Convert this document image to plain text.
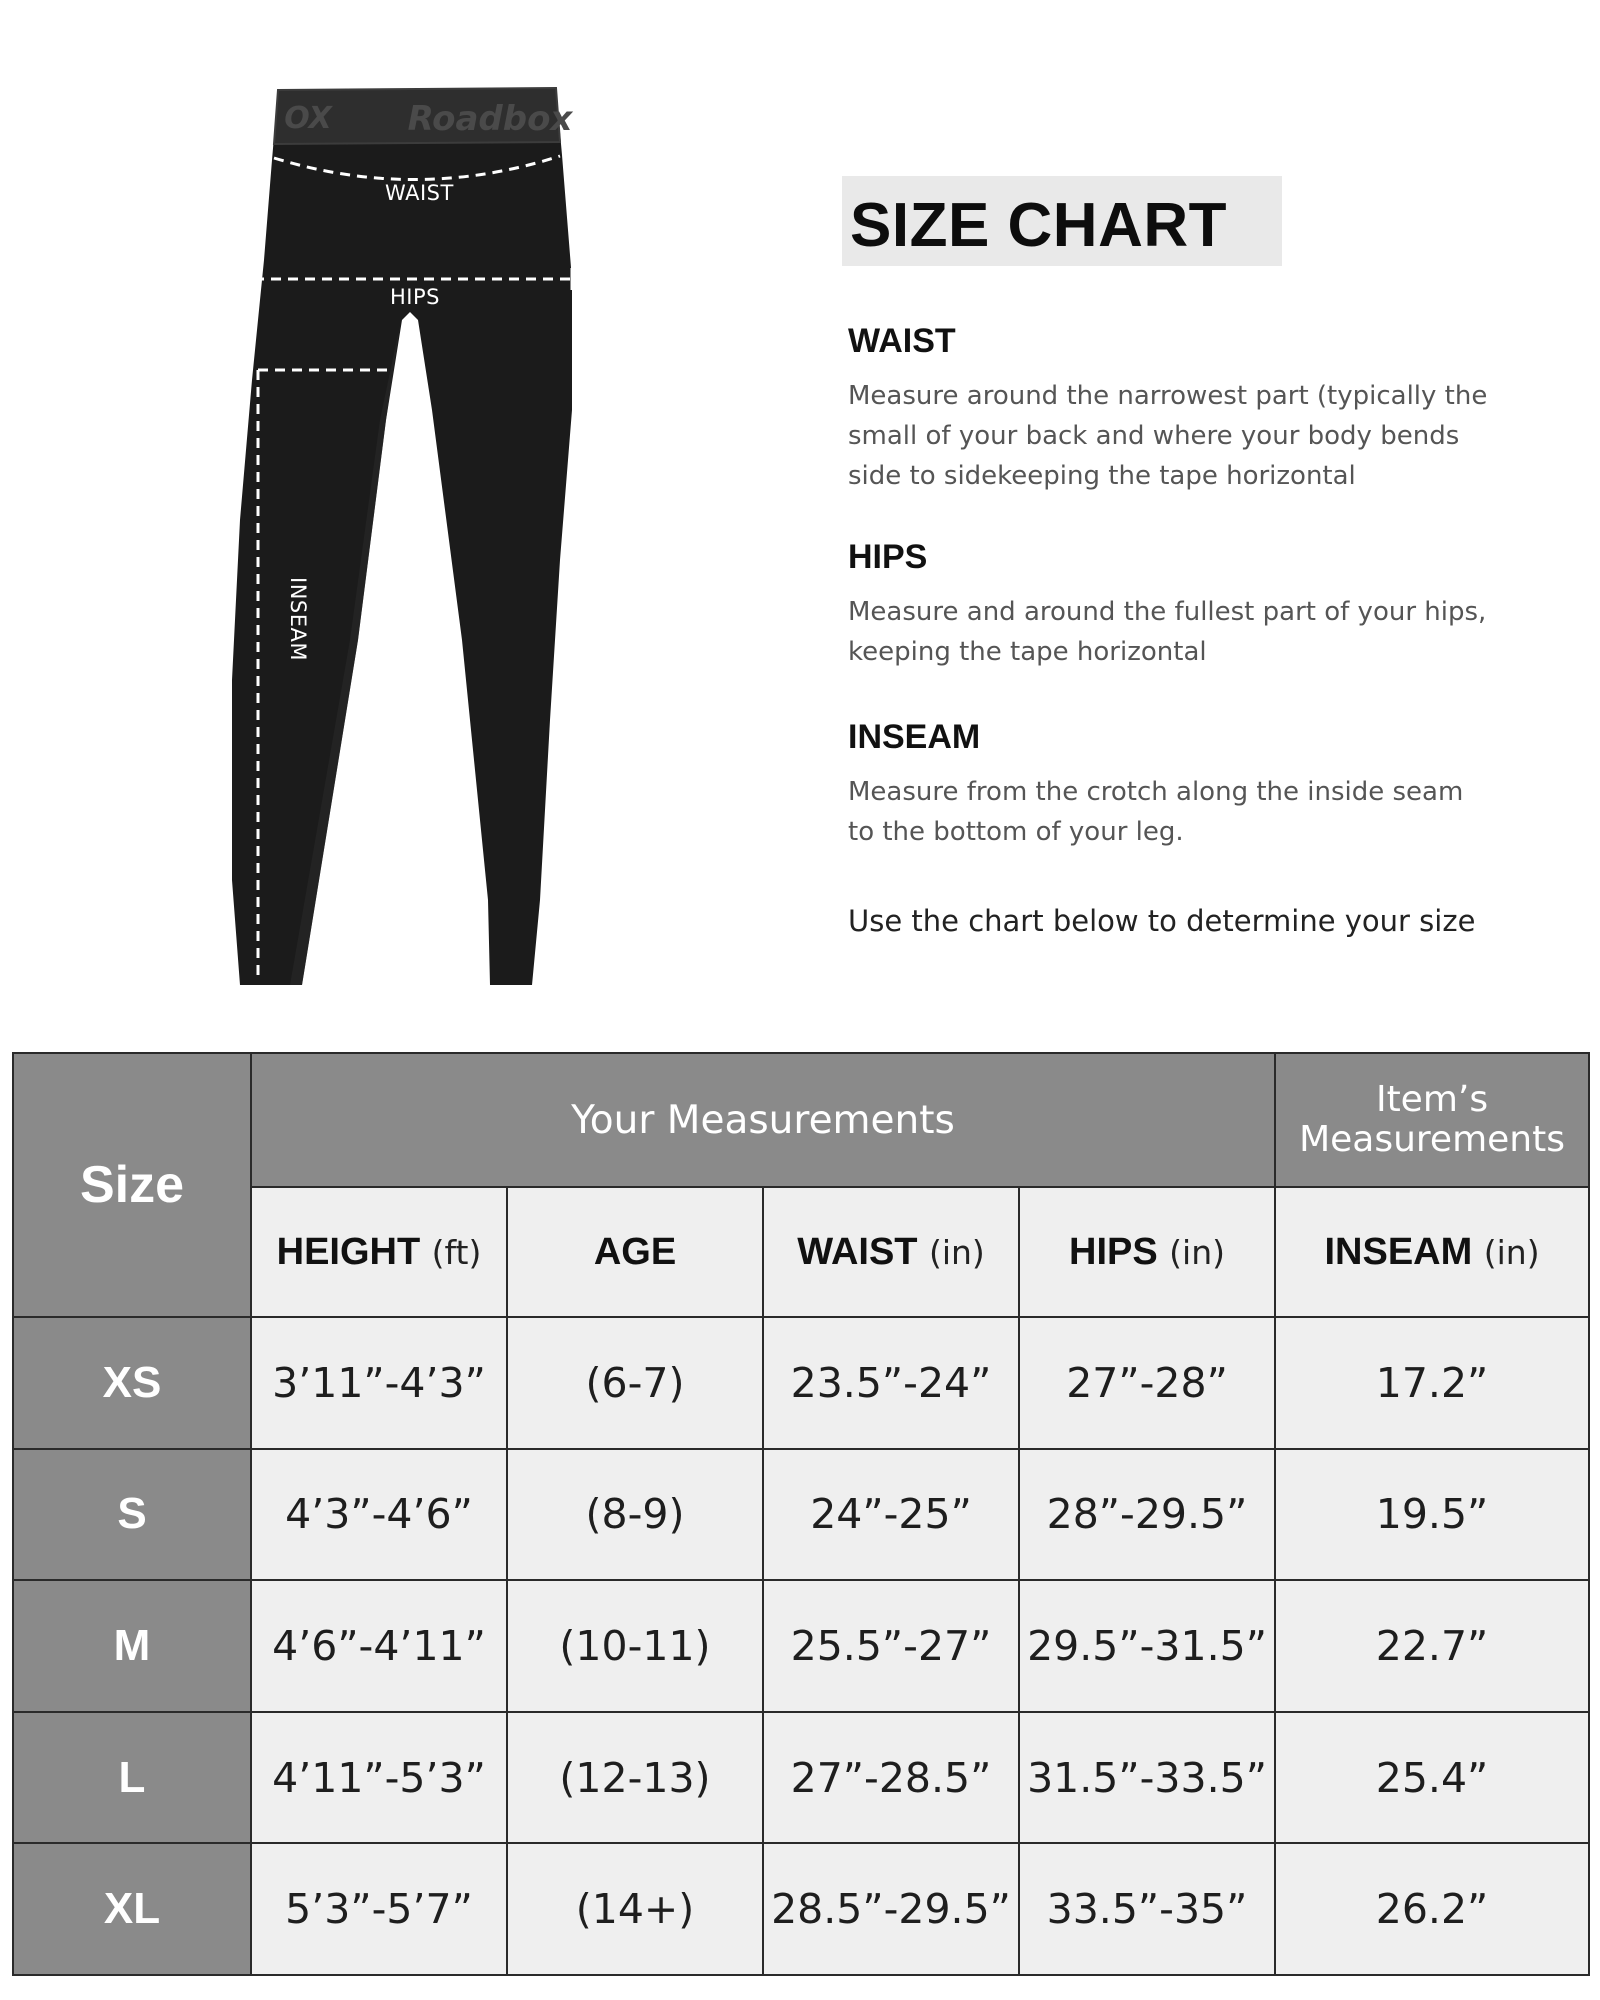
Roadbox
OX
WAIST
HIPS
INSEAM
SIZE CHART
WAIST
Measure around the narrowest part (typically the small of your back and where your body bends side to sidekeeping the tape horizontal
HIPS
Measure and around the fullest part of your hips, keeping the tape horizontal
INSEAM
Measure from the crotch along the inside seam to the bottom of your leg.
Use the chart below to determine your size
Size	Your Measurements				Item’s Measurements
	HEIGHT (ft)	AGE	WAIST (in)	HIPS (in)	INSEAM (in)
XS	3’11”-4’3”	(6-7)	23.5”-24”	27”-28”	17.2”
S	4’3”-4’6”	(8-9)	24”-25”	28”-29.5”	19.5”
M	4’6”-4’11”	(10-11)	25.5”-27”	29.5”-31.5”	22.7”
L	4’11”-5’3”	(12-13)	27”-28.5”	31.5”-33.5”	25.4”
XL	5’3”-5’7”	(14+)	28.5”-29.5”	33.5”-35”	26.2”
